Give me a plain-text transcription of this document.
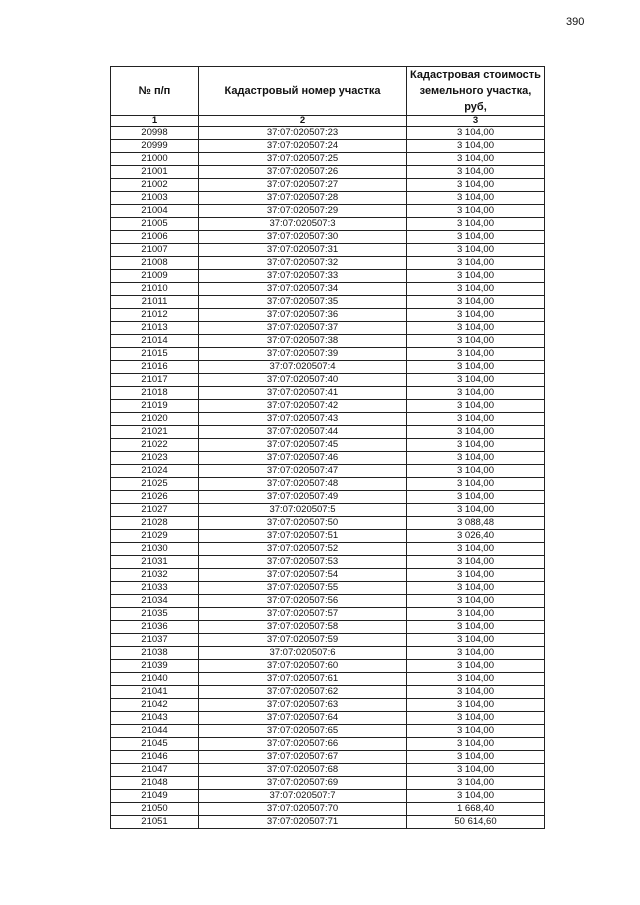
390
№ п/п	Кадастровый номер участка	Кадастровая стоимость земельного участка, руб,
1	2	3
20998	37:07:020507:23	3 104,00
20999	37:07:020507:24	3 104,00
21000	37:07:020507:25	3 104,00
21001	37:07:020507:26	3 104,00
21002	37:07:020507:27	3 104,00
21003	37:07:020507:28	3 104,00
21004	37:07:020507:29	3 104,00
21005	37:07:020507:3	3 104,00
21006	37:07:020507:30	3 104,00
21007	37:07:020507:31	3 104,00
21008	37:07:020507:32	3 104,00
21009	37:07:020507:33	3 104,00
21010	37:07:020507:34	3 104,00
21011	37:07:020507:35	3 104,00
21012	37:07:020507:36	3 104,00
21013	37:07:020507:37	3 104,00
21014	37:07:020507:38	3 104,00
21015	37:07:020507:39	3 104,00
21016	37:07:020507:4	3 104,00
21017	37:07:020507:40	3 104,00
21018	37:07:020507:41	3 104,00
21019	37:07:020507:42	3 104,00
21020	37:07:020507:43	3 104,00
21021	37:07:020507:44	3 104,00
21022	37:07:020507:45	3 104,00
21023	37:07:020507:46	3 104,00
21024	37:07:020507:47	3 104,00
21025	37:07:020507:48	3 104,00
21026	37:07:020507:49	3 104,00
21027	37:07:020507:5	3 104,00
21028	37:07:020507:50	3 088,48
21029	37:07:020507:51	3 026,40
21030	37:07:020507:52	3 104,00
21031	37:07:020507:53	3 104,00
21032	37:07:020507:54	3 104,00
21033	37:07:020507:55	3 104,00
21034	37:07:020507:56	3 104,00
21035	37:07:020507:57	3 104,00
21036	37:07:020507:58	3 104,00
21037	37:07:020507:59	3 104,00
21038	37:07:020507:6	3 104,00
21039	37:07:020507:60	3 104,00
21040	37:07:020507:61	3 104,00
21041	37:07:020507:62	3 104,00
21042	37:07:020507:63	3 104,00
21043	37:07:020507:64	3 104,00
21044	37:07:020507:65	3 104,00
21045	37:07:020507:66	3 104,00
21046	37:07:020507:67	3 104,00
21047	37:07:020507:68	3 104,00
21048	37:07:020507:69	3 104,00
21049	37:07:020507:7	3 104,00
21050	37:07:020507:70	1 668,40
21051	37:07:020507:71	50 614,60
